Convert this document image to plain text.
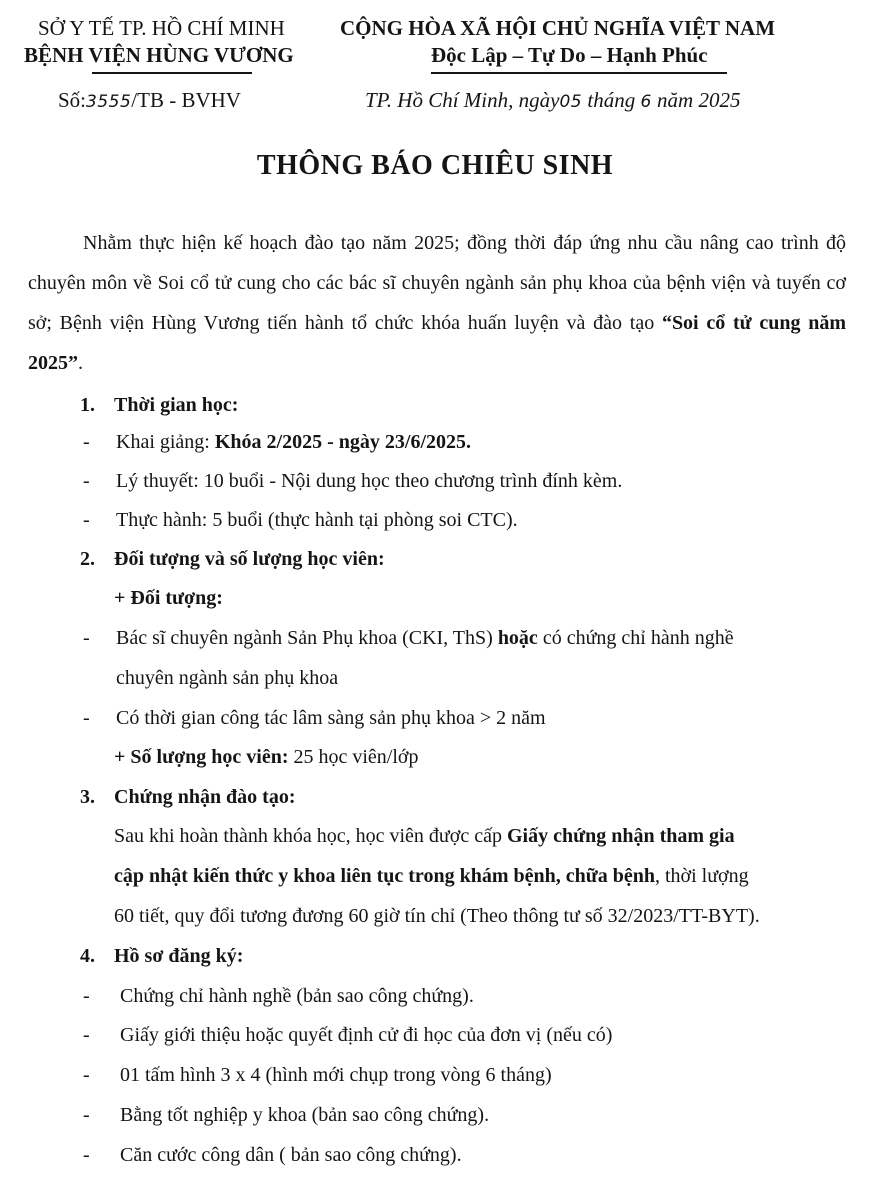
SỞ Y TẾ TP. HỒ CHÍ MINH
BỆNH VIỆN HÙNG VƯƠNG
CỘNG HÒA XÃ HỘI CHỦ NGHĨA VIỆT NAM
Độc Lập – Tự Do – Hạnh Phúc
Số:3555/TB - BVHV	TP. Hồ Chí Minh, ngày05 tháng 6 năm 2025
THÔNG BÁO CHIÊU SINH
Nhằm thực hiện kế hoạch đào tạo năm 2025; đồng thời đáp ứng nhu cầu nâng cao trình độ chuyên môn về Soi cổ tử cung cho các bác sĩ chuyên ngành sản phụ khoa của bệnh viện và tuyến cơ sở; Bệnh viện Hùng Vương tiến hành tổ chức khóa huấn luyện và đào tạo “Soi cổ tử cung năm 2025”.
1. Thời gian học:
- Khai giảng: Khóa 2/2025 - ngày 23/6/2025.
- Lý thuyết: 10 buổi - Nội dung học theo chương trình đính kèm.
- Thực hành: 5 buổi (thực hành tại phòng soi CTC).
2. Đối tượng và số lượng học viên:
+ Đối tượng:
- Bác sĩ chuyên ngành Sản Phụ khoa (CKI, ThS) hoặc có chứng chỉ hành nghề
chuyên ngành sản phụ khoa
- Có thời gian công tác lâm sàng sản phụ khoa > 2 năm
+ Số lượng học viên: 25 học viên/lớp
3. Chứng nhận đào tạo:
Sau khi hoàn thành khóa học, học viên được cấp Giấy chứng nhận tham gia
cập nhật kiến thức y khoa liên tục trong khám bệnh, chữa bệnh, thời lượng
60 tiết, quy đổi tương đương 60 giờ tín chỉ (Theo thông tư số 32/2023/TT-BYT).
4. Hồ sơ đăng ký:
- Chứng chỉ hành nghề (bản sao công chứng).
- Giấy giới thiệu hoặc quyết định cử đi học của đơn vị (nếu có)
- 01 tấm hình 3 x 4 (hình mới chụp trong vòng 6 tháng)
- Bằng tốt nghiệp y khoa (bản sao công chứng).
- Căn cước công dân ( bản sao công chứng).
